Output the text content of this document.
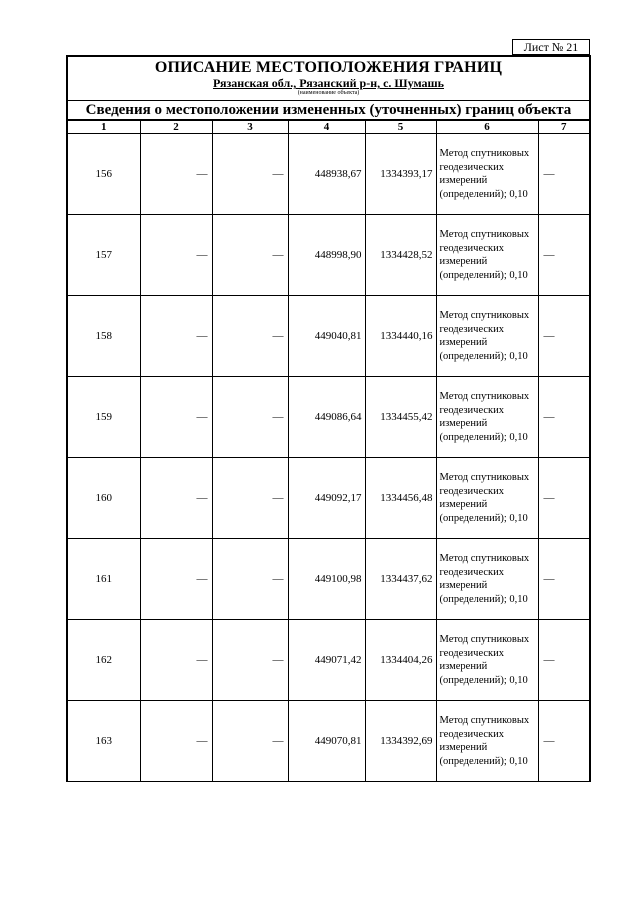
Лист № 21
ОПИСАНИЕ МЕСТОПОЛОЖЕНИЯ ГРАНИЦ
Рязанская обл., Рязанский р-н, с. Шумашь
(наименование объекта)
Сведения о местоположении измененных (уточненных) границ объекта
1	2	3	4	5	6	7
156	—	—	448938,67	1334393,17	Метод спутниковых геодезических измерений (определений); 0,10	—
157	—	—	448998,90	1334428,52	Метод спутниковых геодезических измерений (определений); 0,10	—
158	—	—	449040,81	1334440,16	Метод спутниковых геодезических измерений (определений); 0,10	—
159	—	—	449086,64	1334455,42	Метод спутниковых геодезических измерений (определений); 0,10	—
160	—	—	449092,17	1334456,48	Метод спутниковых геодезических измерений (определений); 0,10	—
161	—	—	449100,98	1334437,62	Метод спутниковых геодезических измерений (определений); 0,10	—
162	—	—	449071,42	1334404,26	Метод спутниковых геодезических измерений (определений); 0,10	—
163	—	—	449070,81	1334392,69	Метод спутниковых геодезических измерений (определений); 0,10	—
